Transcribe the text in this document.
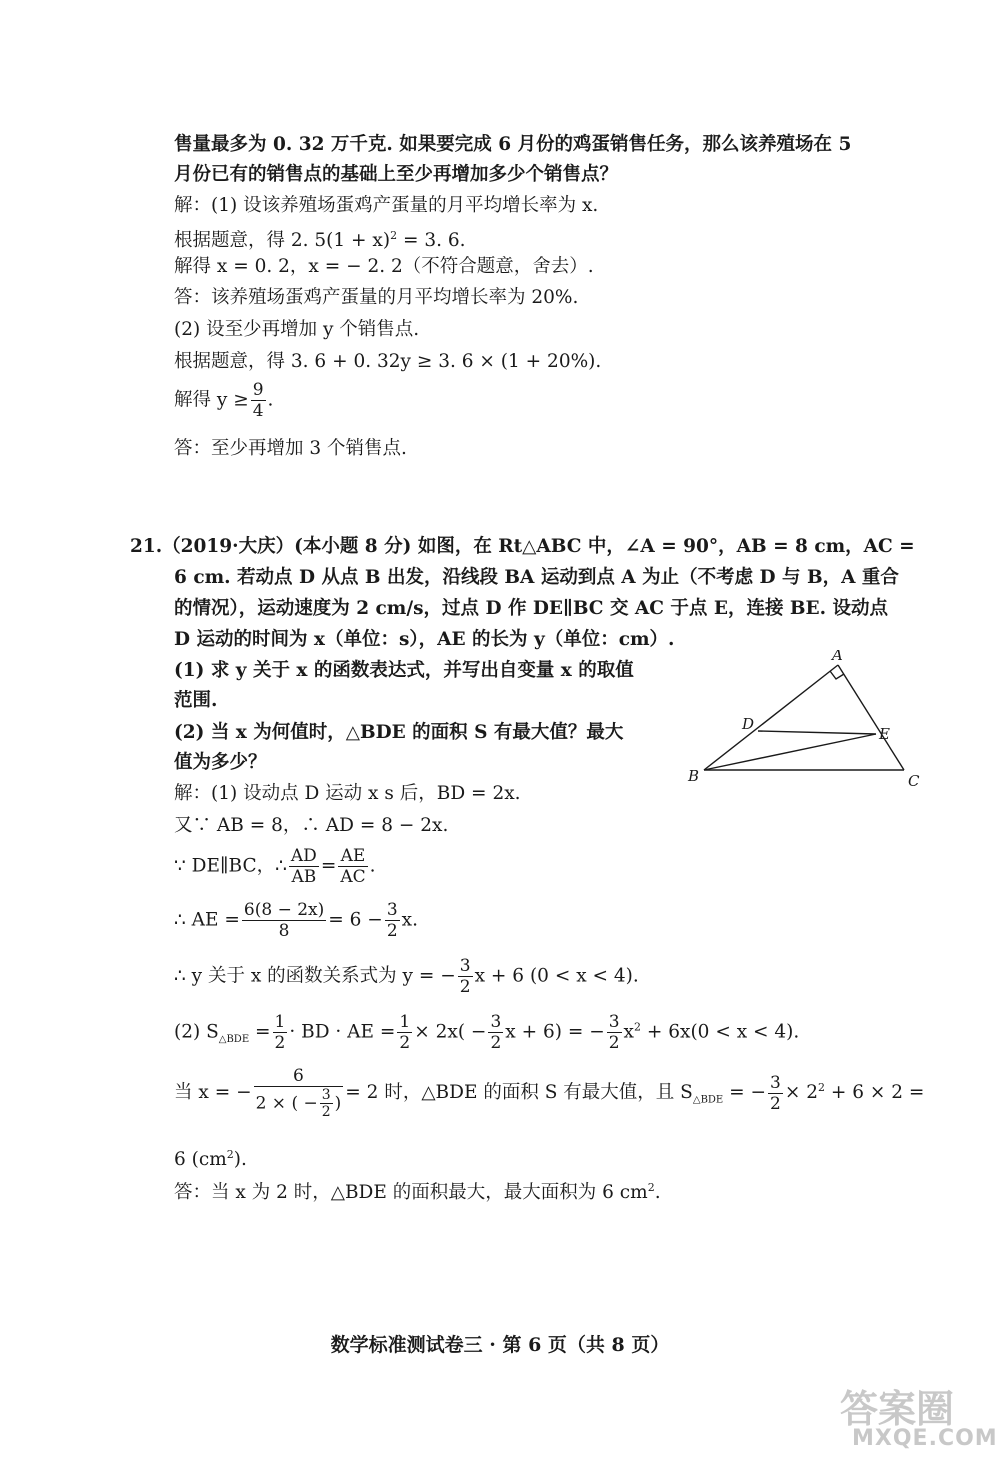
售量最多为 0. 32 万千克. 如果要完成 6 月份的鸡蛋销售任务，那么该养殖场在 5
月份已有的销售点的基础上至少再增加多少个销售点？
解：(1) 设该养殖场蛋鸡产蛋量的月平均增长率为 x.
根据题意，得 2. $5(1 + x)^2 = 3$. 6.
解得 x = 0. 2，x = − 2. 2（不符合题意，舍去）.
答：该养殖场蛋鸡产蛋量的月平均增长率为 20%.
(2) 设至少再增加 y 个销售点.
根据题意，得 3. 6 + 0. 32y ≥ 3. 6 × (1 + 20%).
解得 $y \ge \frac{9}{4}$ .
答：至少再增加 3 个销售点.
21.（2019·大庆）(本小题 8 分) 如图，在 Rt△ABC 中，∠A = 90°，AB = 8 cm，AC =
6 cm. 若动点 D 从点 B 出发，沿线段 BA 运动到点 A 为止（不考虑 D 与 B，A 重合
的情况），运动速度为 2 cm/s，过点 D 作 DE∥BC 交 AC 于点 E，连接 BE. 设动点
D 运动的时间为 x（单位：s），AE 的长为 y（单位：cm）.
(1) 求 y 关于 x 的函数表达式，并写出自变量 x 的取值
范围.
(2) 当 x 为何值时，△BDE 的面积 S 有最大值？最大
值为多少？
A
B	C
D
E
解：(1) 设动点 D 运动 x s 后，BD = 2x.
又∵ AB = 8，∴ AD = 8 − 2x.
∵ DE∥BC，∴ $\frac{AD}{AB} = \frac{AE}{AC}$ .
∴ AE = $\frac{6(8 - 2x)}{8} = 6 - \frac{3}{2} x$.
∴ y 关于 x 的函数关系式为 y = − $\frac{3}{2}$ x + 6 (0 < x < 4).
(2) $S_{\triangle BDE} = \frac{1}{2}$ · BD · AE = $\frac{1}{2} \times 2x( - \frac{3}{2}$ x + 6) = − $\frac{3}{2} x^2 + 6x(0 < x < 4)$.
当 x = − $\frac{6}{2 \times ( - \frac{3}{2} )} = 2$ 时，△BDE 的面积 S 有最大值，且 $S_{\triangle BDE}$ = − $\frac{3}{2} \times 2^2 + 6 \times 2$ =
6 $(cm^2)$.
答：当 x 为 2 时，△BDE 的面积最大，最大面积为 6 $cm^2$.
数学标准测试卷三 · 第 6 页（共 8 页）
答案圈
MXQE.COM
